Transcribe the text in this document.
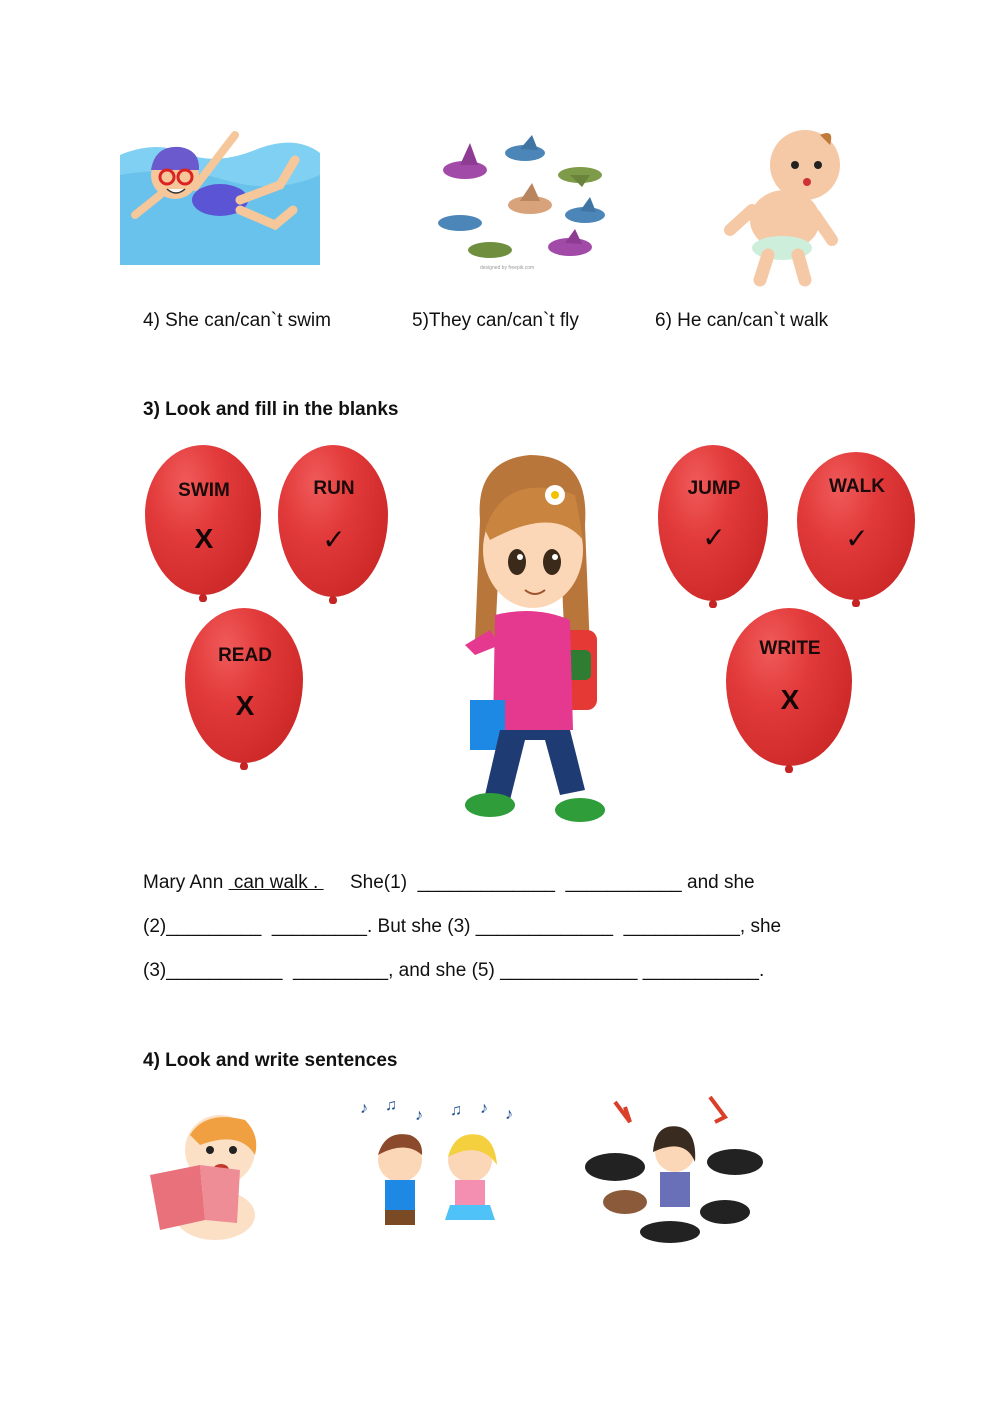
designed by freepik.com
4) She can/can`t swim	5)They can/can`t fly	6) He can/can`t walk
3) Look and fill in the blanks
SWIM
X
RUN
✓
READ
X
JUMP
✓
WALK
✓
WRITE
X
Mary Ann  can walk .      She(1)  _____________  ___________ and she
(2)_________  _________. But she (3) _____________  ___________, she
(3)___________  _________, and she (5) _____________ ___________.
4) Look and write sentences
♪ ♫
♪ ♫ ♪ ♪
